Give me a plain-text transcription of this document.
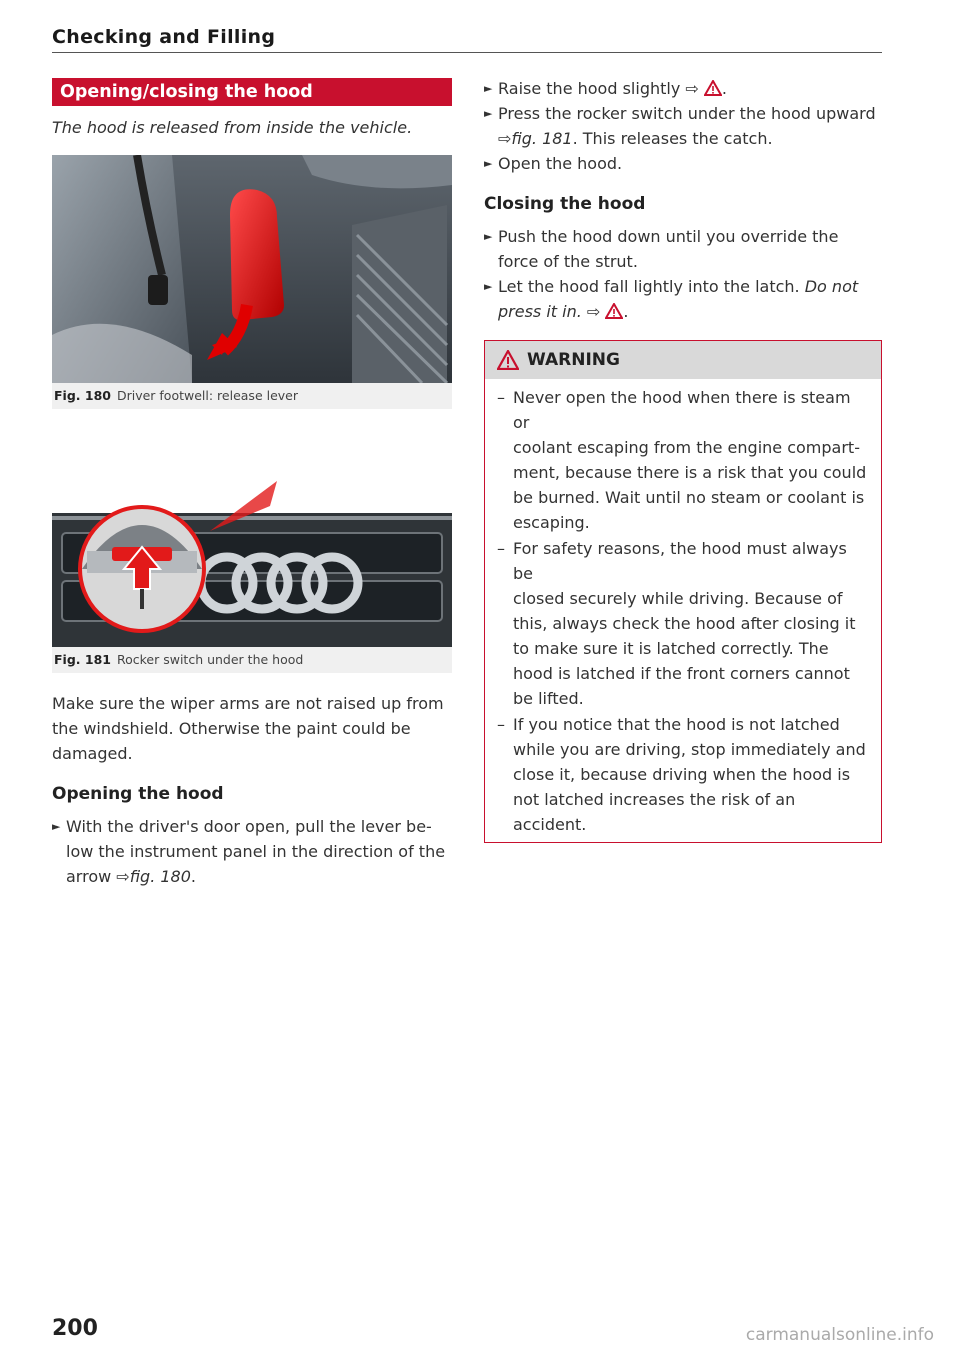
Checking and Filling
Opening/closing the hood
The hood is released from inside the vehicle.
Fig. 180 Driver footwell: release lever
Fig. 181 Rocker switch under the hood

Make sure the wiper arms are not raised up from

the windshield. Otherwise the paint could be

damaged.

Opening the hood
► With the driver's door open, pull the lever be-
low the instrument panel in the direction of the
arrow ⇨fig. 180.
► Raise the hood slightly ⇨ .
► Press the rocker switch under the hood upward
⇨fig. 181. This releases the catch.
► Open the hood.
Closing the hood
► Push the hood down until you override the
force of the strut.
► Let the hood fall lightly into the latch. Do not
press it in. ⇨ .
WARNING
– Never open the hood when there is steam or
coolant escaping from the engine compart-
ment, because there is a risk that you could
be burned. Wait until no steam or coolant is
escaping.
– For safety reasons, the hood must always be
closed securely while driving. Because of
this, always check the hood after closing it
to make sure it is latched correctly. The
hood is latched if the front corners cannot
be lifted.
– If you notice that the hood is not latched
while you are driving, stop immediately and
close it, because driving when the hood is
not latched increases the risk of an accident.
200	carmanualsonline.info
